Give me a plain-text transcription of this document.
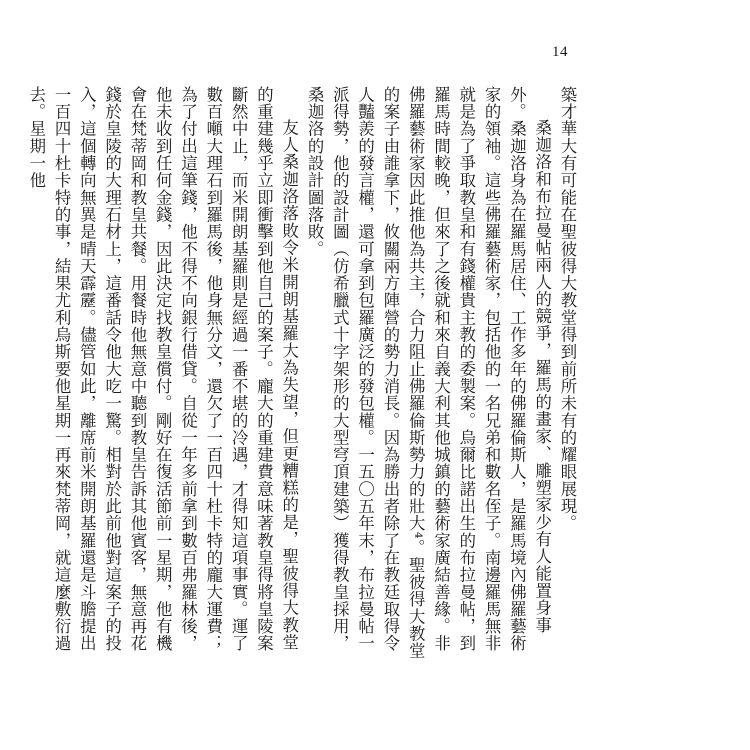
14

築才華大有可能在聖彼得大教堂得到前所未有的耀眼展現。

桑迦洛和布拉曼帖兩人的競爭，羅馬的畫家、雕塑家少有人能置身事外。桑迦洛身為在羅馬居住、工作多年的佛羅倫斯人，是羅馬境內佛羅藝術家的領袖。這些佛羅藝術家，包括他的一名兄弟和數名侄子。南邊羅馬無非就是為了爭取教皇和有錢權貴主教的委製案。烏爾比諾出生的布拉曼帖，到羅馬時間較晚，但來了之後就和來自義大利其他城鎮的藝術家廣結善緣。非佛羅藝術家因此推他為共主，合力阻止佛羅倫斯勢力的壯大⁴。聖彼得大教堂的案子由誰拿下，攸關兩方陣營的勢力消長。因為勝出者除了在教廷取得令人豔羨的發言權，還可拿到包羅廣泛的發包權。一五〇五年末，布拉曼帖一派得勢，他的設計圖（仿希臘式十字架形的大型穹頂建築）獲得教皇採用，桑迦洛的設計圖落敗。

友人桑迦洛落敗令米開朗基羅大為失望，但更糟糕的是，聖彼得大教堂的重建幾乎立即衝擊到他自己的案子。龐大的重建費意味著教皇得將皇陵案斷然中止，而米開朗基羅則是經過一番不堪的冷遇，才得知這項事實。運了數百噸大理石到羅馬後，他身無分文，還欠了一百四十杜卡特的龐大運費；為了付出這筆錢，他不得不向銀行借貸。自從一年多前拿到數百弗羅林後，他未收到任何金錢，因此決定找教皇償付。剛好在復活節前一星期，他有機會在梵蒂岡和教皇共餐。用餐時他無意中聽到教皇告訴其他賓客，無意再花錢於皇陵的大理石材上，這番話令他大吃一驚。相對於此前他對這案子的投入，這個轉向無異是晴天霹靂。儘管如此，離席前米開朗基羅還是斗膽提出一百四十杜卡特的事，結果尤利烏斯要他星期一再來梵蒂岡，就這麼敷衍過去。星期一他
